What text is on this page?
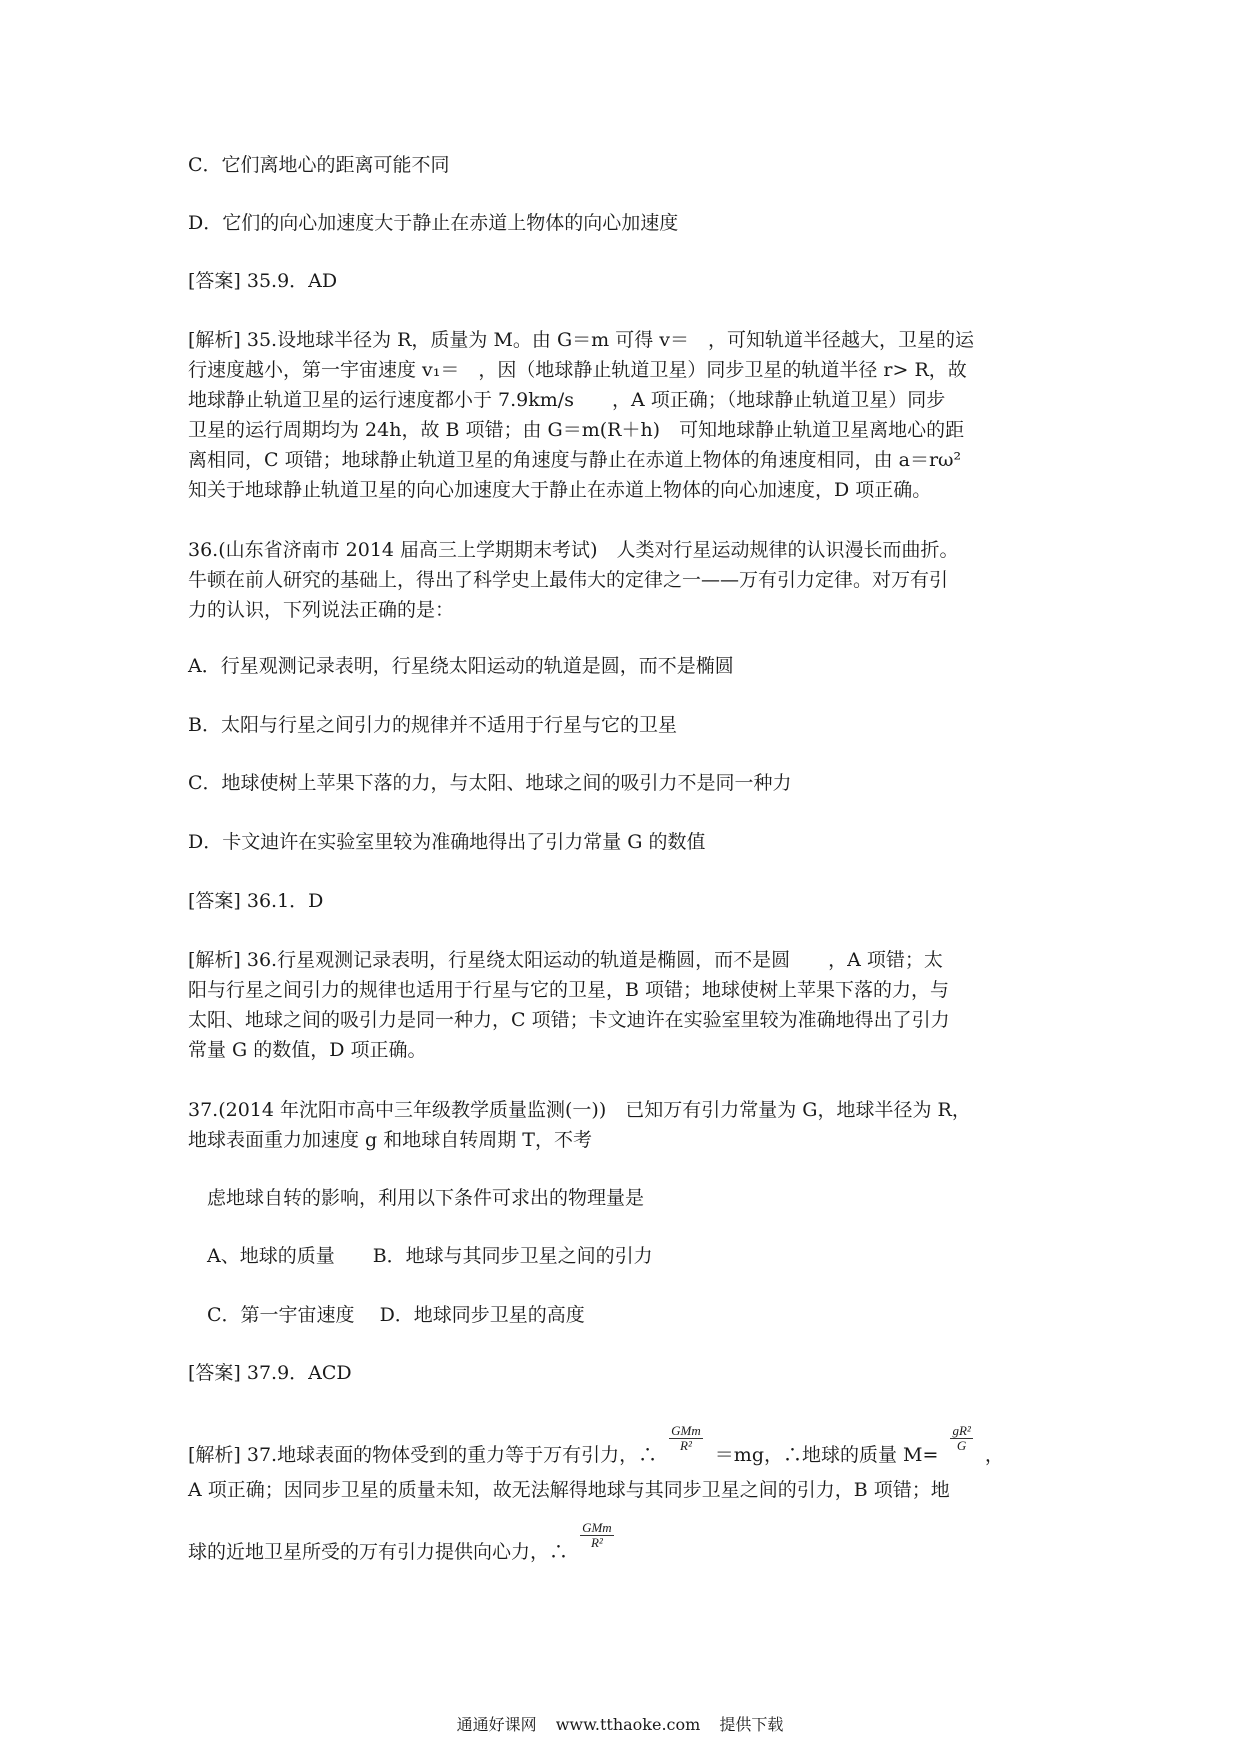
C．它们离地心的距离可能不同
D．它们的向心加速度大于静止在赤道上物体的向心加速度
[答案] 35.9．AD
[解析] 35.设地球半径为 R，质量为 M。由 G＝m 可得 v＝　，可知轨道半径越大，卫星的运
行速度越小，第一宇宙速度 v₁＝　，因（地球静止轨道卫星）同步卫星的轨道半径 r> R，故
地球静止轨道卫星的运行速度都小于 7.9km/s　　，A 项正确；（地球静止轨道卫星）同步
卫星的运行周期均为 24h，故 B 项错；由 G＝m(R＋h)　可知地球静止轨道卫星离地心的距
离相同，C 项错；地球静止轨道卫星的角速度与静止在赤道上物体的角速度相同，由 a＝rω²
知关于地球静止轨道卫星的向心加速度大于静止在赤道上物体的向心加速度，D 项正确。
36.(山东省济南市 2014 届高三上学期期末考试)　人类对行星运动规律的认识漫长而曲折。
牛顿在前人研究的基础上，得出了科学史上最伟大的定律之一——万有引力定律。对万有引
力的认识，下列说法正确的是：
A．行星观测记录表明，行星绕太阳运动的轨道是圆，而不是椭圆
B．太阳与行星之间引力的规律并不适用于行星与它的卫星
C．地球使树上苹果下落的力，与太阳、地球之间的吸引力不是同一种力
D．卡文迪许在实验室里较为准确地得出了引力常量 G 的数值
[答案] 36.1．D
[解析] 36.行星观测记录表明，行星绕太阳运动的轨道是椭圆，而不是圆　　，A 项错；太
阳与行星之间引力的规律也适用于行星与它的卫星，B 项错；地球使树上苹果下落的力，与
太阳、地球之间的吸引力是同一种力，C 项错；卡文迪许在实验室里较为准确地得出了引力
常量 G 的数值，D 项正确。
37.(2014 年沈阳市高中三年级教学质量监测(一))　已知万有引力常量为 G，地球半径为 R，
地球表面重力加速度 g 和地球自转周期 T，不考
虑地球自转的影响，利用以下条件可求出的物理量是
A、地球的质量　　B．地球与其同步卫星之间的引力
C．第一宇宙速度　 D．地球同步卫星的高度
[答案] 37.9．ACD
[解析] 37.地球表面的物体受到的重力等于万有引力，∴
$\frac{\text{GMm}}{\text{R²}}$
＝mg，∴地球的质量 M=
$\frac{\text{gR²}}{G}$
，
A 项正确；因同步卫星的质量未知，故无法解得地球与其同步卫星之间的引力，B 项错；地
球的近地卫星所受的万有引力提供向心力，∴
$\frac{\text{GMm}}{\text{R²}}$
通通好课网 www.tthaoke.com 提供下载
